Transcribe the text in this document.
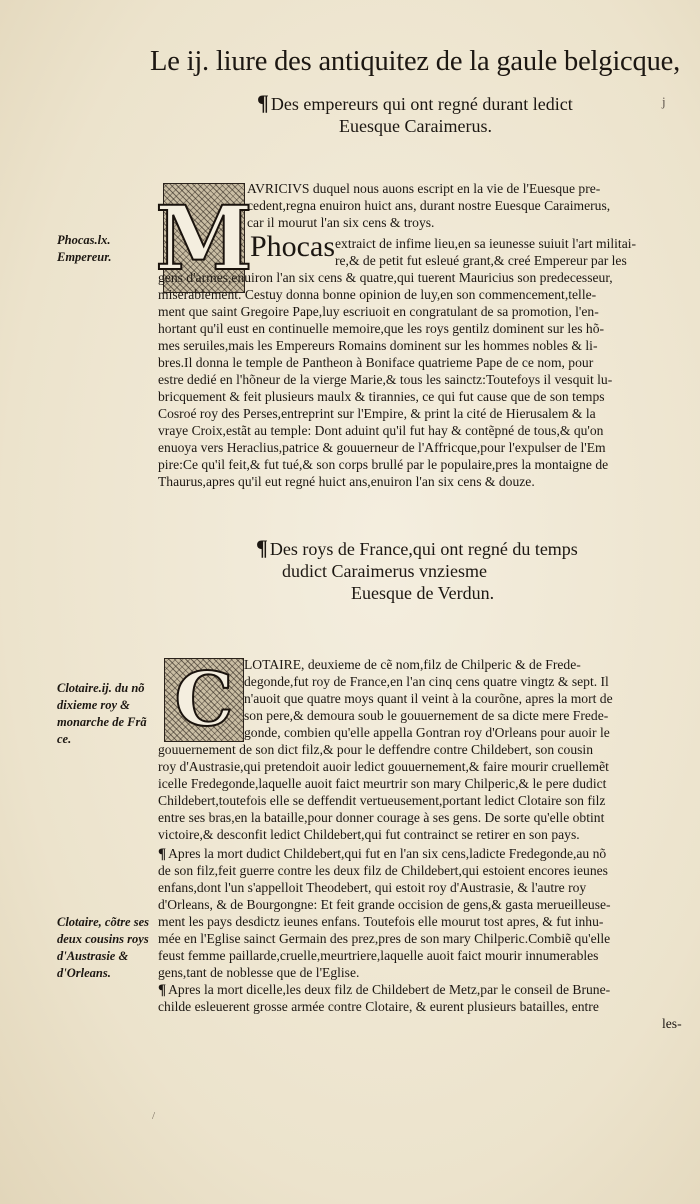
Le ij. liure des antiquitez de la gaule belgicque,
j
¶ Des empereurs qui ont regné durant ledict
Euesque Caraimerus.
M
Phocas.lx. Empereur.	Phocas
AVRICIVS duquel nous auons escript en la vie de l'Euesque pre-
cedent,regna enuiron huict ans, durant nostre Euesque Caraimerus,
car il mourut l'an six cens & troys.
extraict de infime lieu,en sa ieunesse suiuit l'art militai-
re,& de petit fut esleué grant,& creé Empereur par les
gens d'armes,enuiron l'an six cens & quatre,qui tuerent Mauricius son predecesseur,
miserablement. Cestuy donna bonne opinion de luy,en son commencement,telle-
ment que saint Gregoire Pape,luy escriuoit en congratulant de sa promotion, l'en-
hortant qu'il eust en continuelle memoire,que les roys gentilz dominent sur les hõ-
mes seruiles,mais les Empereurs Romains dominent sur les hommes nobles & li-
bres.Il donna le temple de Pantheon à Boniface quatrieme Pape de ce nom, pour
estre dedié en l'hõneur de la vierge Marie,& tous les sainctz:Toutefoys il vesquit lu-
bricquement & feit plusieurs maulx & tirannies, ce qui fut cause que de son temps
Cosroé roy des Perses,entreprint sur l'Empire, & print la cité de Hierusalem & la
vraye Croix,estãt au temple: Dont aduint qu'il fut hay & contẽpné de tous,& qu'on
enuoya vers Heraclius,patrice & gouuerneur de l'Affricque,pour l'expulser de l'Em
pire:Ce qu'il feit,& fut tué,& son corps brullé par le populaire,pres la montaigne de
Thaurus,apres qu'il eut regné huict ans,enuiron l'an six cens & douze.
¶ Des roys de France,qui ont regné du temps
dudict Caraimerus vnziesme
Euesque de Verdun.
C
Clotaire.ij. du nõ dixieme roy & monarche de Frã ce.
Clotaire, cõtre ses deux cousins roys d'Austrasie & d'Orleans.
LOTAIRE, deuxieme de cẽ nom,filz de Chilperic & de Frede-
degonde,fut roy de France,en l'an cinq cens quatre vingtz & sept. Il
n'auoit que quatre moys quant il veint à la courõne, apres la mort de
son pere,& demoura soub le gouuernement de sa dicte mere Frede-
gonde, combien qu'elle appella Gontran roy d'Orleans pour auoir le
gouuernement de son dict filz,& pour le deffendre contre Childebert, son cousin
roy d'Austrasie,qui pretendoit auoir ledict gouuernement,& faire mourir cruellemẽt
icelle Fredegonde,laquelle auoit faict meurtrir son mary Chilperic,& le pere dudict
Childebert,toutefois elle se deffendit vertueusement,portant ledict Clotaire son filz
entre ses bras,en la bataille,pour donner courage à ses gens. De sorte qu'elle obtint
victoire,& desconfit ledict Childebert,qui fut contrainct se retirer en son pays.
¶ Apres la mort dudict Childebert,qui fut en l'an six cens,ladicte Fredegonde,au nõ
de son filz,feit guerre contre les deux filz de Childebert,qui estoient encores ieunes
enfans,dont l'un s'appelloit Theodebert, qui estoit roy d'Austrasie, & l'autre roy
d'Orleans, & de Bourgongne: Et feit grande occision de gens,& gasta merueilleuse-
ment les pays desdictz ieunes enfans. Toutefois elle mourut tost apres, & fut inhu-
mée en l'Eglise sainct Germain des prez,pres de son mary Chilperic.Combiẽ qu'elle
feust femme paillarde,cruelle,meurtriere,laquelle auoit faict mourir innumerables
gens,tant de noblesse que de l'Eglise.
¶ Apres la mort dicelle,les deux filz de Childebert de Metz,par le conseil de Brune-
childe esleuerent grosse armée contre Clotaire, & eurent plusieurs batailles, entre
les-
/
